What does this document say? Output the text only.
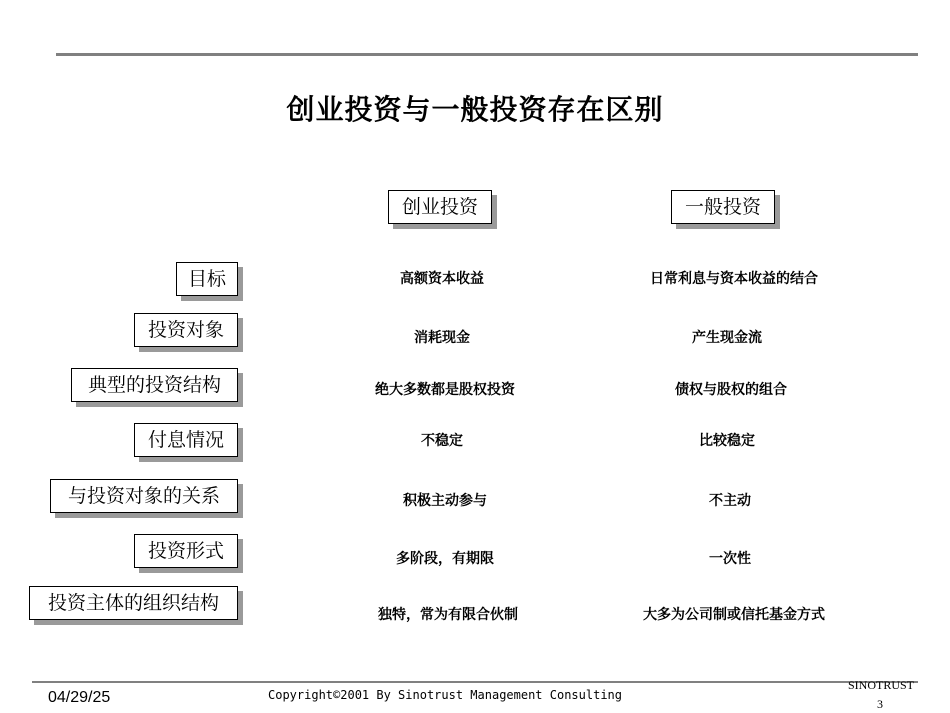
创业投资与一般投资存在区别
创业投资	一般投资
目标
投资对象
典型的投资结构
付息情况
与投资对象的关系
投资形式
投资主体的组织结构
高额资本收益
消耗现金
绝大多数都是股权投资
不稳定
积极主动参与
多阶段，有期限
独特，常为有限合伙制
日常利息与资本收益的结合
产生现金流
债权与股权的组合
比较稳定
不主动
一次性
大多为公司制或信托基金方式
04/29/25	Copyright©2001 By Sinotrust Management Consulting
SINOTRUST
3
